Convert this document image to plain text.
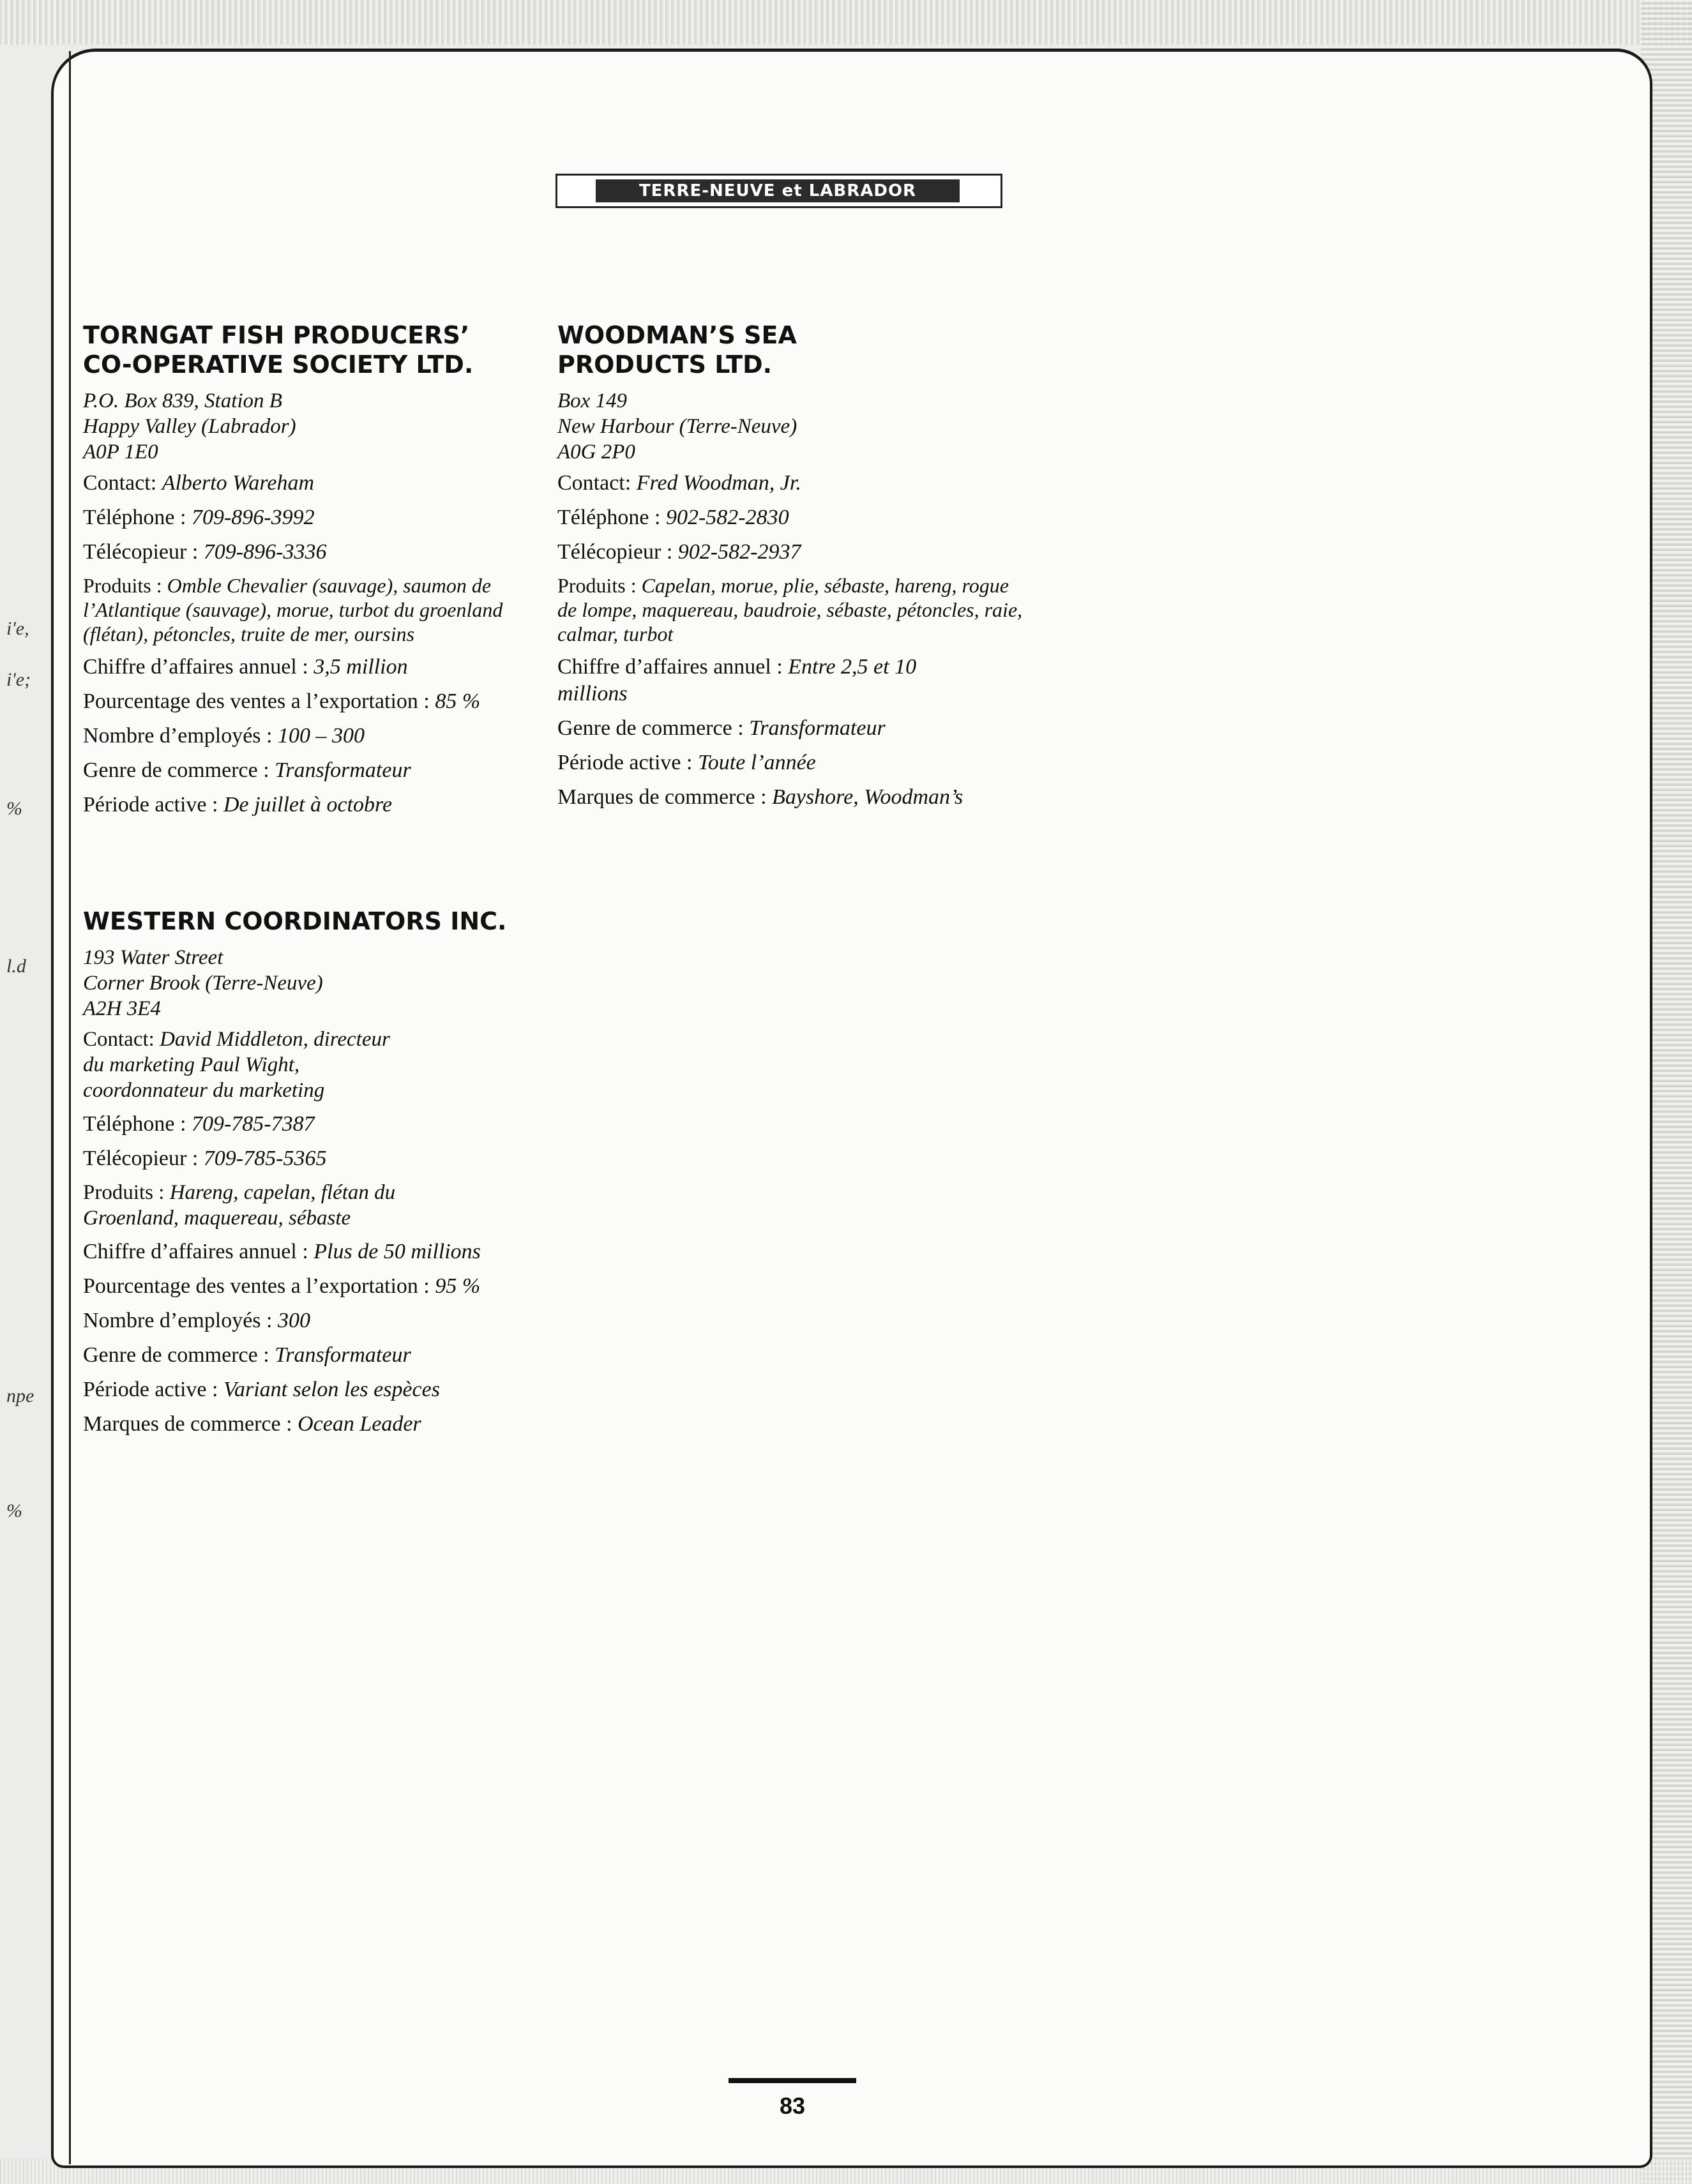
i'e,
i'e;
%
l.d
npe
%
TERRE-NEUVE et LABRADOR
TORNGAT FISH PRODUCERS’
CO-OPERATIVE SOCIETY LTD.
P.O. Box 839, Station B
Happy Valley (Labrador)
A0P 1E0
Contact: Alberto Wareham
Téléphone : 709-896-3992
Télécopieur : 709-896-3336
Produits : Omble Chevalier (sauvage), saumon de l’Atlantique (sauvage), morue, turbot du groenland (flétan), pétoncles, truite de mer, oursins
Chiffre d’affaires annuel : 3,5 million
Pourcentage des ventes a l’exportation : 85 %
Nombre d’employés : 100 – 300
Genre de commerce : Transformateur
Période active : De juillet à octobre
WESTERN COORDINATORS INC.
193 Water Street
Corner Brook (Terre-Neuve)
A2H 3E4
Contact: David Middleton, directeur du marketing Paul Wight, coordonnateur du marketing
Téléphone : 709-785-7387
Télécopieur : 709-785-5365
Produits : Hareng, capelan, flétan du Groenland, maquereau, sébaste
Chiffre d’affaires annuel : Plus de 50 millions
Pourcentage des ventes a l’exportation : 95 %
Nombre d’employés : 300
Genre de commerce : Transformateur
Période active : Variant selon les espèces
Marques de commerce : Ocean Leader
WOODMAN’S SEA
PRODUCTS LTD.
Box 149
New Harbour (Terre-Neuve)
A0G 2P0
Contact: Fred Woodman, Jr.
Téléphone : 902-582-2830
Télécopieur : 902-582-2937
Produits : Capelan, morue, plie, sébaste, hareng, rogue de lompe, maquereau, baudroie, sébaste, pétoncles, raie, calmar, turbot
Chiffre d’affaires annuel : Entre 2,5 et 10 millions
Genre de commerce : Transformateur
Période active : Toute l’année
Marques de commerce : Bayshore, Woodman’s
83
